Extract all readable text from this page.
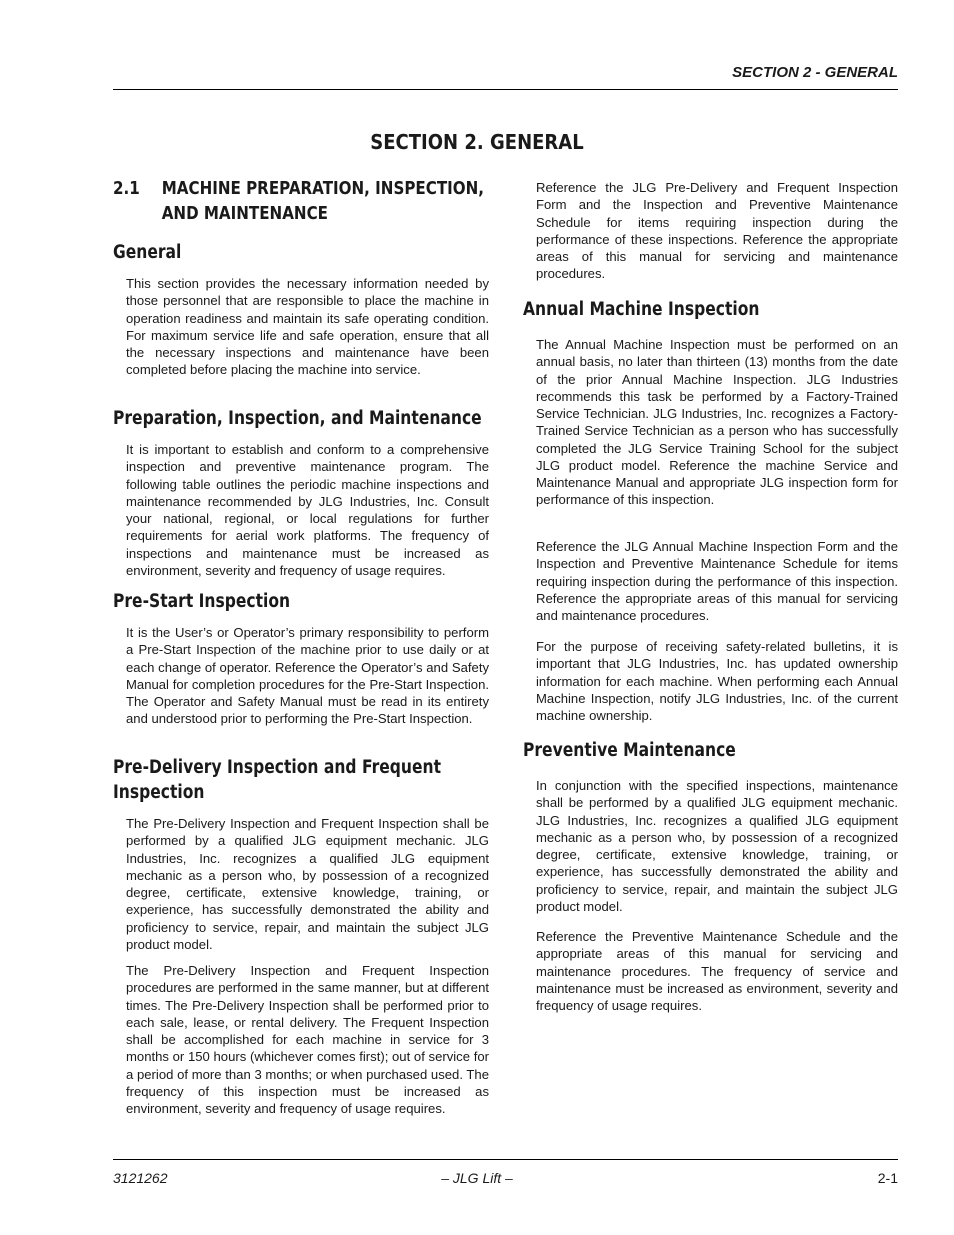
SECTION 2 - GENERAL
SECTION 2. GENERAL
2.1 MACHINE PREPARATION, INSPECTION,
AND MAINTENANCE
General

This section provides the necessary information needed by those personnel that are responsible to place the machine in operation readiness and maintain its safe operating condition. For maximum service life and safe operation, ensure that all the necessary inspections and maintenance have been completed before placing the machine into service.

Preparation, Inspection, and Maintenance

It is important to establish and conform to a comprehensive inspection and preventive maintenance program. The following table outlines the periodic machine inspections and maintenance recommended by JLG Industries, Inc. Consult your national, regional, or local regulations for further requirements for aerial work platforms. The frequency of inspections and maintenance must be increased as environment, severity and frequency of usage requires.

Pre-Start Inspection

It is the User’s or Operator’s primary responsibility to perform a Pre-Start Inspection of the machine prior to use daily or at each change of operator. Reference the Operator’s and Safety Manual for completion procedures for the Pre-Start Inspection. The Operator and Safety Manual must be read in its entirety and understood prior to performing the Pre-Start Inspection.

Pre-Delivery Inspection and Frequent
Inspection

The Pre-Delivery Inspection and Frequent Inspection shall be performed by a qualified JLG equipment mechanic. JLG Industries, Inc. recognizes a qualified JLG equipment mechanic as a person who, by possession of a recognized degree, certificate, extensive knowledge, training, or experience, has successfully demonstrated the ability and proficiency to service, repair, and maintain the subject JLG product model.

The Pre-Delivery Inspection and Frequent Inspection procedures are performed in the same manner, but at different times. The Pre-Delivery Inspection shall be performed prior to each sale, lease, or rental delivery. The Frequent Inspection shall be accomplished for each machine in service for 3 months or 150 hours (whichever comes first); out of service for a period of more than 3 months; or when purchased used. The frequency of this inspection must be increased as environment, severity and frequency of usage requires.

Reference the JLG Pre-Delivery and Frequent Inspection Form and the Inspection and Preventive Maintenance Schedule for items requiring inspection during the performance of these inspections. Reference the appropriate areas of this manual for servicing and maintenance procedures.

Annual Machine Inspection

The Annual Machine Inspection must be performed on an annual basis, no later than thirteen (13) months from the date of the prior Annual Machine Inspection. JLG Industries recommends this task be performed by a Factory-Trained Service Technician. JLG Industries, Inc. recognizes a Factory-Trained Service Technician as a person who has successfully completed the JLG Service Training School for the subject JLG product model. Reference the machine Service and Maintenance Manual and appropriate JLG inspection form for performance of this inspection.

Reference the JLG Annual Machine Inspection Form and the Inspection and Preventive Maintenance Schedule for items requiring inspection during the performance of this inspection. Reference the appropriate areas of this manual for servicing and maintenance procedures.

For the purpose of receiving safety-related bulletins, it is important that JLG Industries, Inc. has updated ownership information for each machine. When performing each Annual Machine Inspection, notify JLG Industries, Inc. of the current machine ownership.

Preventive Maintenance

In conjunction with the specified inspections, maintenance shall be performed by a qualified JLG equipment mechanic. JLG Industries, Inc. recognizes a qualified JLG equipment mechanic as a person who, by possession of a recognized degree, certificate, extensive knowledge, training, or experience, has successfully demonstrated the ability and proficiency to service, repair, and maintain the subject JLG product model.

Reference the Preventive Maintenance Schedule and the appropriate areas of this manual for servicing and maintenance procedures. The frequency of service and maintenance must be increased as environment, severity and frequency of usage requires.

3121262	– JLG Lift –	2-1
